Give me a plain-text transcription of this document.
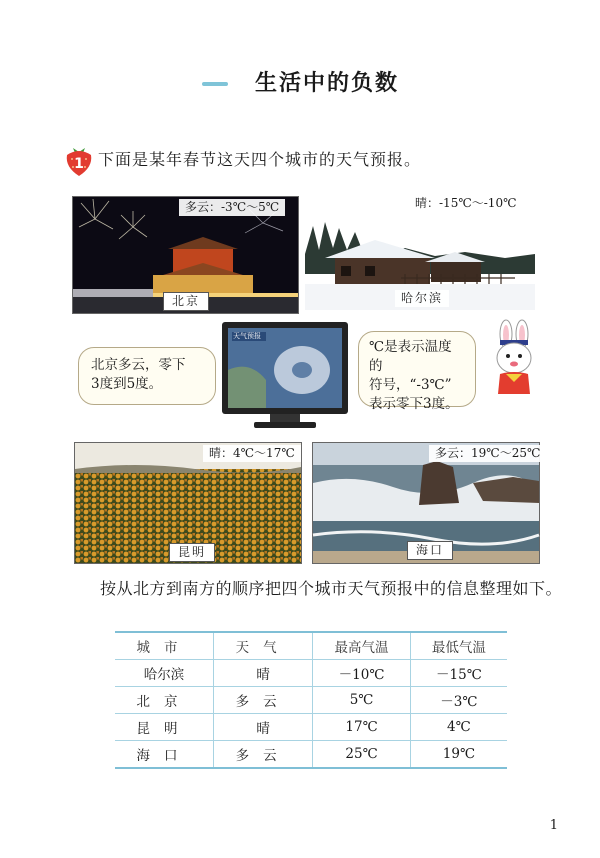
生活中的负数
1 下面是某年春节这天四个城市的天气预报。
多云：-3℃～5℃
北京
晴：-15℃～-10℃
哈尔滨
北京多云，零下
3度到5度。
天气预报
℃是表示温度的
符号，“-3℃”
表示零下3度。
晴：4℃～17℃
昆明
多云：19℃～25℃
海口
按从北方到南方的顺序把四个城市天气预报中的信息整理如下。
城市	天气	最高气温	最低气温
哈尔滨	晴	－10℃	－15℃
北京	多云	5℃	－3℃
昆明	晴	17℃	4℃
海口	多云	25℃	19℃
1
